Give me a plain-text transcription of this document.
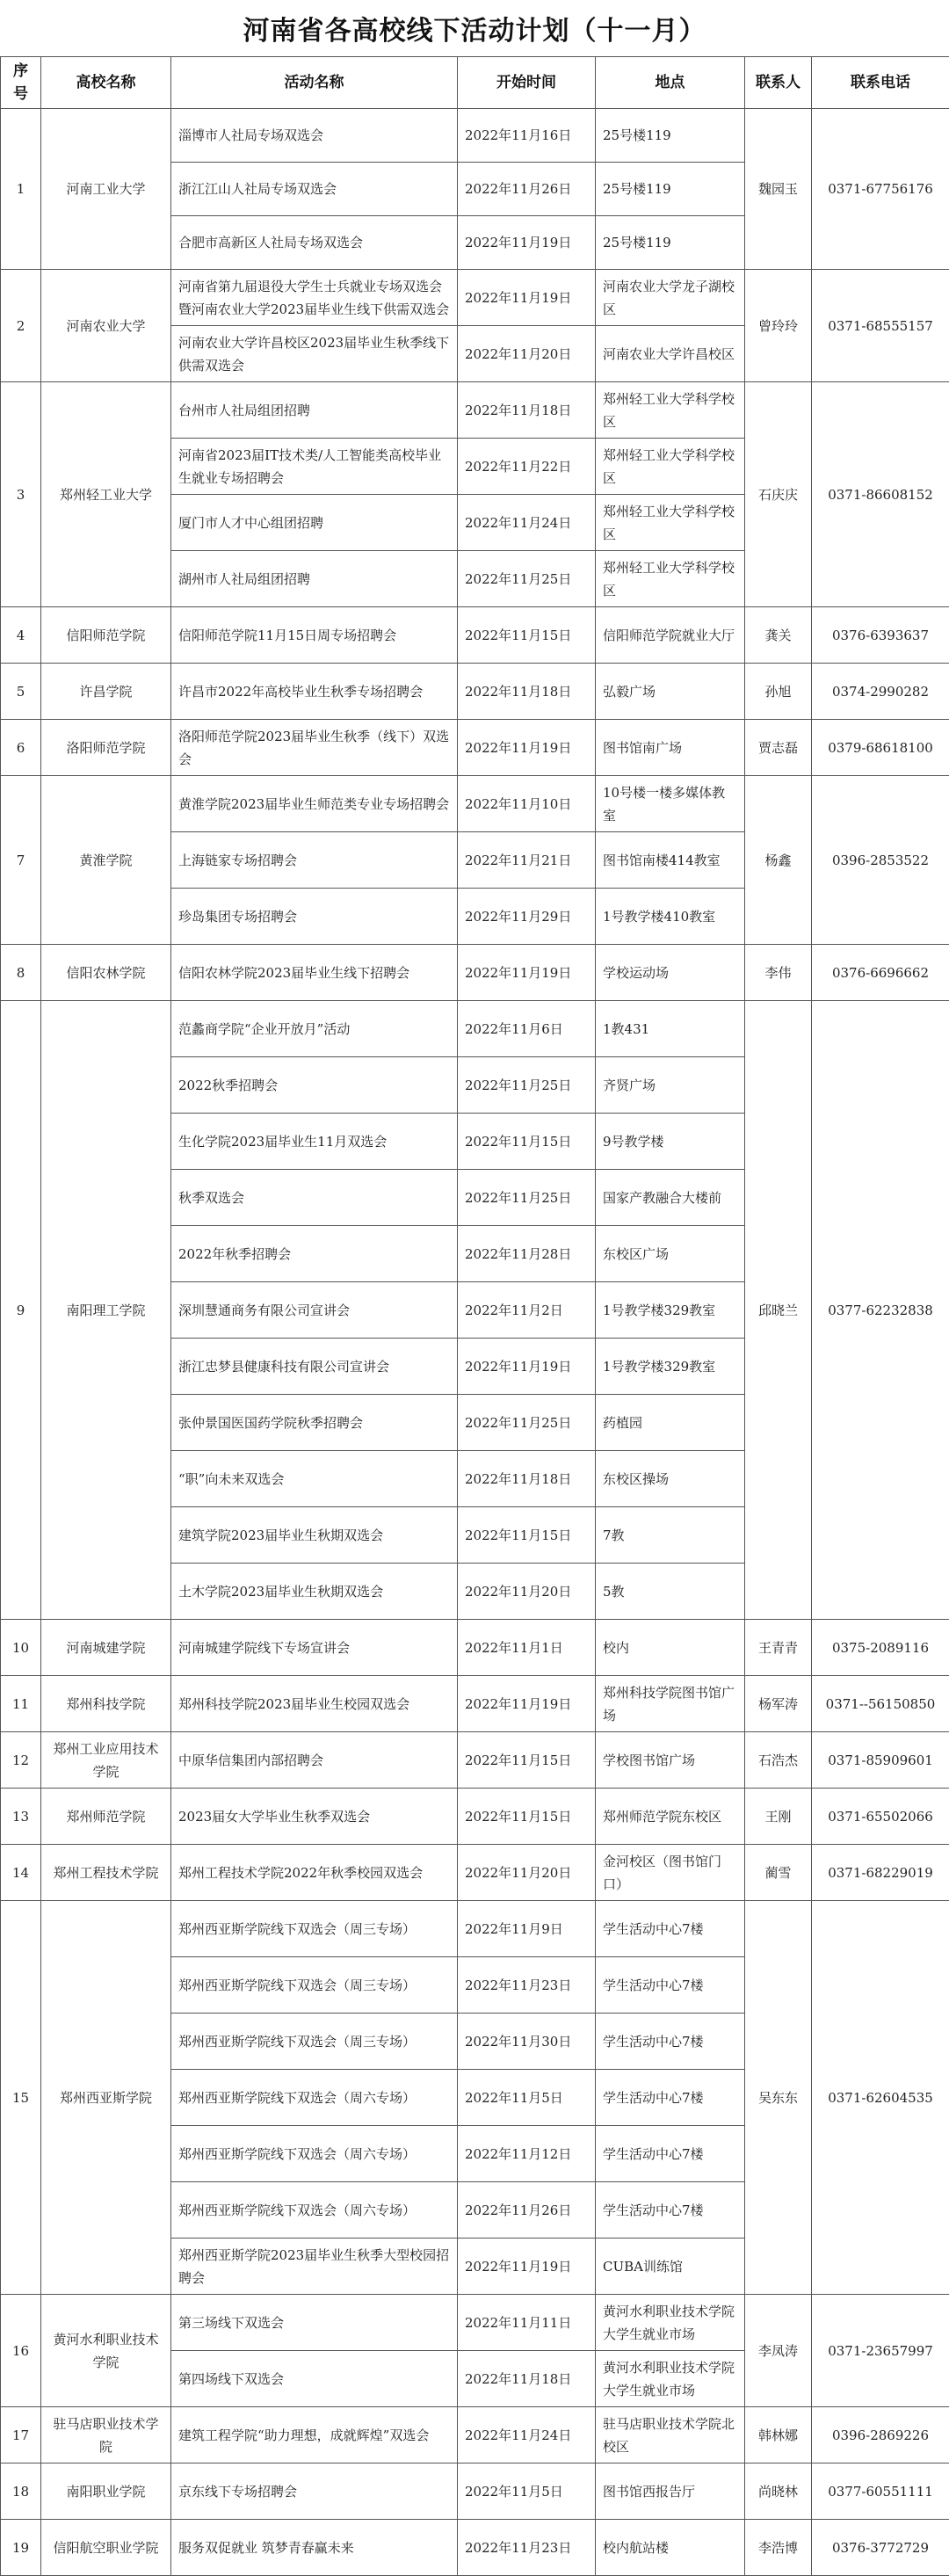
河南省各高校线下活动计划（十一月）
序号	高校名称	活动名称	开始时间	地点	联系人	联系电话
1	河南工业大学	淄博市人社局专场双选会	2022年11月16日	25号楼119	魏园玉	0371-67756176
		浙江江山人社局专场双选会	2022年11月26日	25号楼119		
		合肥市高新区人社局专场双选会	2022年11月19日	25号楼119		
2	河南农业大学	河南省第九届退役大学生士兵就业专场双选会暨河南农业大学2023届毕业生线下供需双选会	2022年11月19日	河南农业大学龙子湖校区	曾玲玲	0371-68555157
		河南农业大学许昌校区2023届毕业生秋季线下供需双选会	2022年11月20日	河南农业大学许昌校区		
3	郑州轻工业大学	台州市人社局组团招聘	2022年11月18日	郑州轻工业大学科学校区	石庆庆	0371-86608152
		河南省2023届IT技术类/人工智能类高校毕业生就业专场招聘会	2022年11月22日	郑州轻工业大学科学校区		
		厦门市人才中心组团招聘	2022年11月24日	郑州轻工业大学科学校区		
		湖州市人社局组团招聘	2022年11月25日	郑州轻工业大学科学校区		
4	信阳师范学院	信阳师范学院11月15日周专场招聘会	2022年11月15日	信阳师范学院就业大厅	龚关	0376-6393637
5	许昌学院	许昌市2022年高校毕业生秋季专场招聘会	2022年11月18日	弘毅广场	孙旭	0374-2990282
6	洛阳师范学院	洛阳师范学院2023届毕业生秋季（线下）双选会	2022年11月19日	图书馆南广场	贾志磊	0379-68618100
7	黄淮学院	黄淮学院2023届毕业生师范类专业专场招聘会	2022年11月10日	10号楼一楼多媒体教室	杨鑫	0396-2853522
		上海链家专场招聘会	2022年11月21日	图书馆南楼414教室		
		珍岛集团专场招聘会	2022年11月29日	1号教学楼410教室		
8	信阳农林学院	信阳农林学院2023届毕业生线下招聘会	2022年11月19日	学校运动场	李伟	0376-6696662
9	南阳理工学院	范蠡商学院“企业开放月”活动	2022年11月6日	1教431	邱晓兰	0377-62232838
		2022秋季招聘会	2022年11月25日	齐贤广场		
		生化学院2023届毕业生11月双选会	2022年11月15日	9号教学楼		
		秋季双选会	2022年11月25日	国家产教融合大楼前		
		2022年秋季招聘会	2022年11月28日	东校区广场		
		深圳慧通商务有限公司宣讲会	2022年11月2日	1号教学楼329教室		
		浙江忠梦县健康科技有限公司宣讲会	2022年11月19日	1号教学楼329教室		
		张仲景国医国药学院秋季招聘会	2022年11月25日	药植园		
		“职”向未来双选会	2022年11月18日	东校区操场		
		建筑学院2023届毕业生秋期双选会	2022年11月15日	7教		
		土木学院2023届毕业生秋期双选会	2022年11月20日	5教		
10	河南城建学院	河南城建学院线下专场宣讲会	2022年11月1日	校内	王青青	0375-2089116
11	郑州科技学院	郑州科技学院2023届毕业生校园双选会	2022年11月19日	郑州科技学院图书馆广场	杨军涛	0371--56150850
12	郑州工业应用技术学院	中原华信集团内部招聘会	2022年11月15日	学校图书馆广场	石浩杰	0371-85909601
13	郑州师范学院	2023届女大学毕业生秋季双选会	2022年11月15日	郑州师范学院东校区	王刚	0371-65502066
14	郑州工程技术学院	郑州工程技术学院2022年秋季校园双选会	2022年11月20日	金河校区（图书馆门口）	蔺雪	0371-68229019
15	郑州西亚斯学院	郑州西亚斯学院线下双选会（周三专场）	2022年11月9日	学生活动中心7楼	吴东东	0371-62604535
		郑州西亚斯学院线下双选会（周三专场）	2022年11月23日	学生活动中心7楼		
		郑州西亚斯学院线下双选会（周三专场）	2022年11月30日	学生活动中心7楼		
		郑州西亚斯学院线下双选会（周六专场）	2022年11月5日	学生活动中心7楼		
		郑州西亚斯学院线下双选会（周六专场）	2022年11月12日	学生活动中心7楼		
		郑州西亚斯学院线下双选会（周六专场）	2022年11月26日	学生活动中心7楼		
		郑州西亚斯学院2023届毕业生秋季大型校园招聘会	2022年11月19日	CUBA训练馆		
16	黄河水利职业技术学院	第三场线下双选会	2022年11月11日	黄河水利职业技术学院大学生就业市场	李凤涛	0371-23657997
		第四场线下双选会	2022年11月18日	黄河水利职业技术学院大学生就业市场		
17	驻马店职业技术学院	建筑工程学院“助力理想，成就辉煌”双选会	2022年11月24日	驻马店职业技术学院北校区	韩林娜	0396-2869226
18	南阳职业学院	京东线下专场招聘会	2022年11月5日	图书馆西报告厅	尚晓林	0377-60551111
19	信阳航空职业学院	服务双促就业 筑梦青春赢未来	2022年11月23日	校内航站楼	李浩博	0376-3772729
